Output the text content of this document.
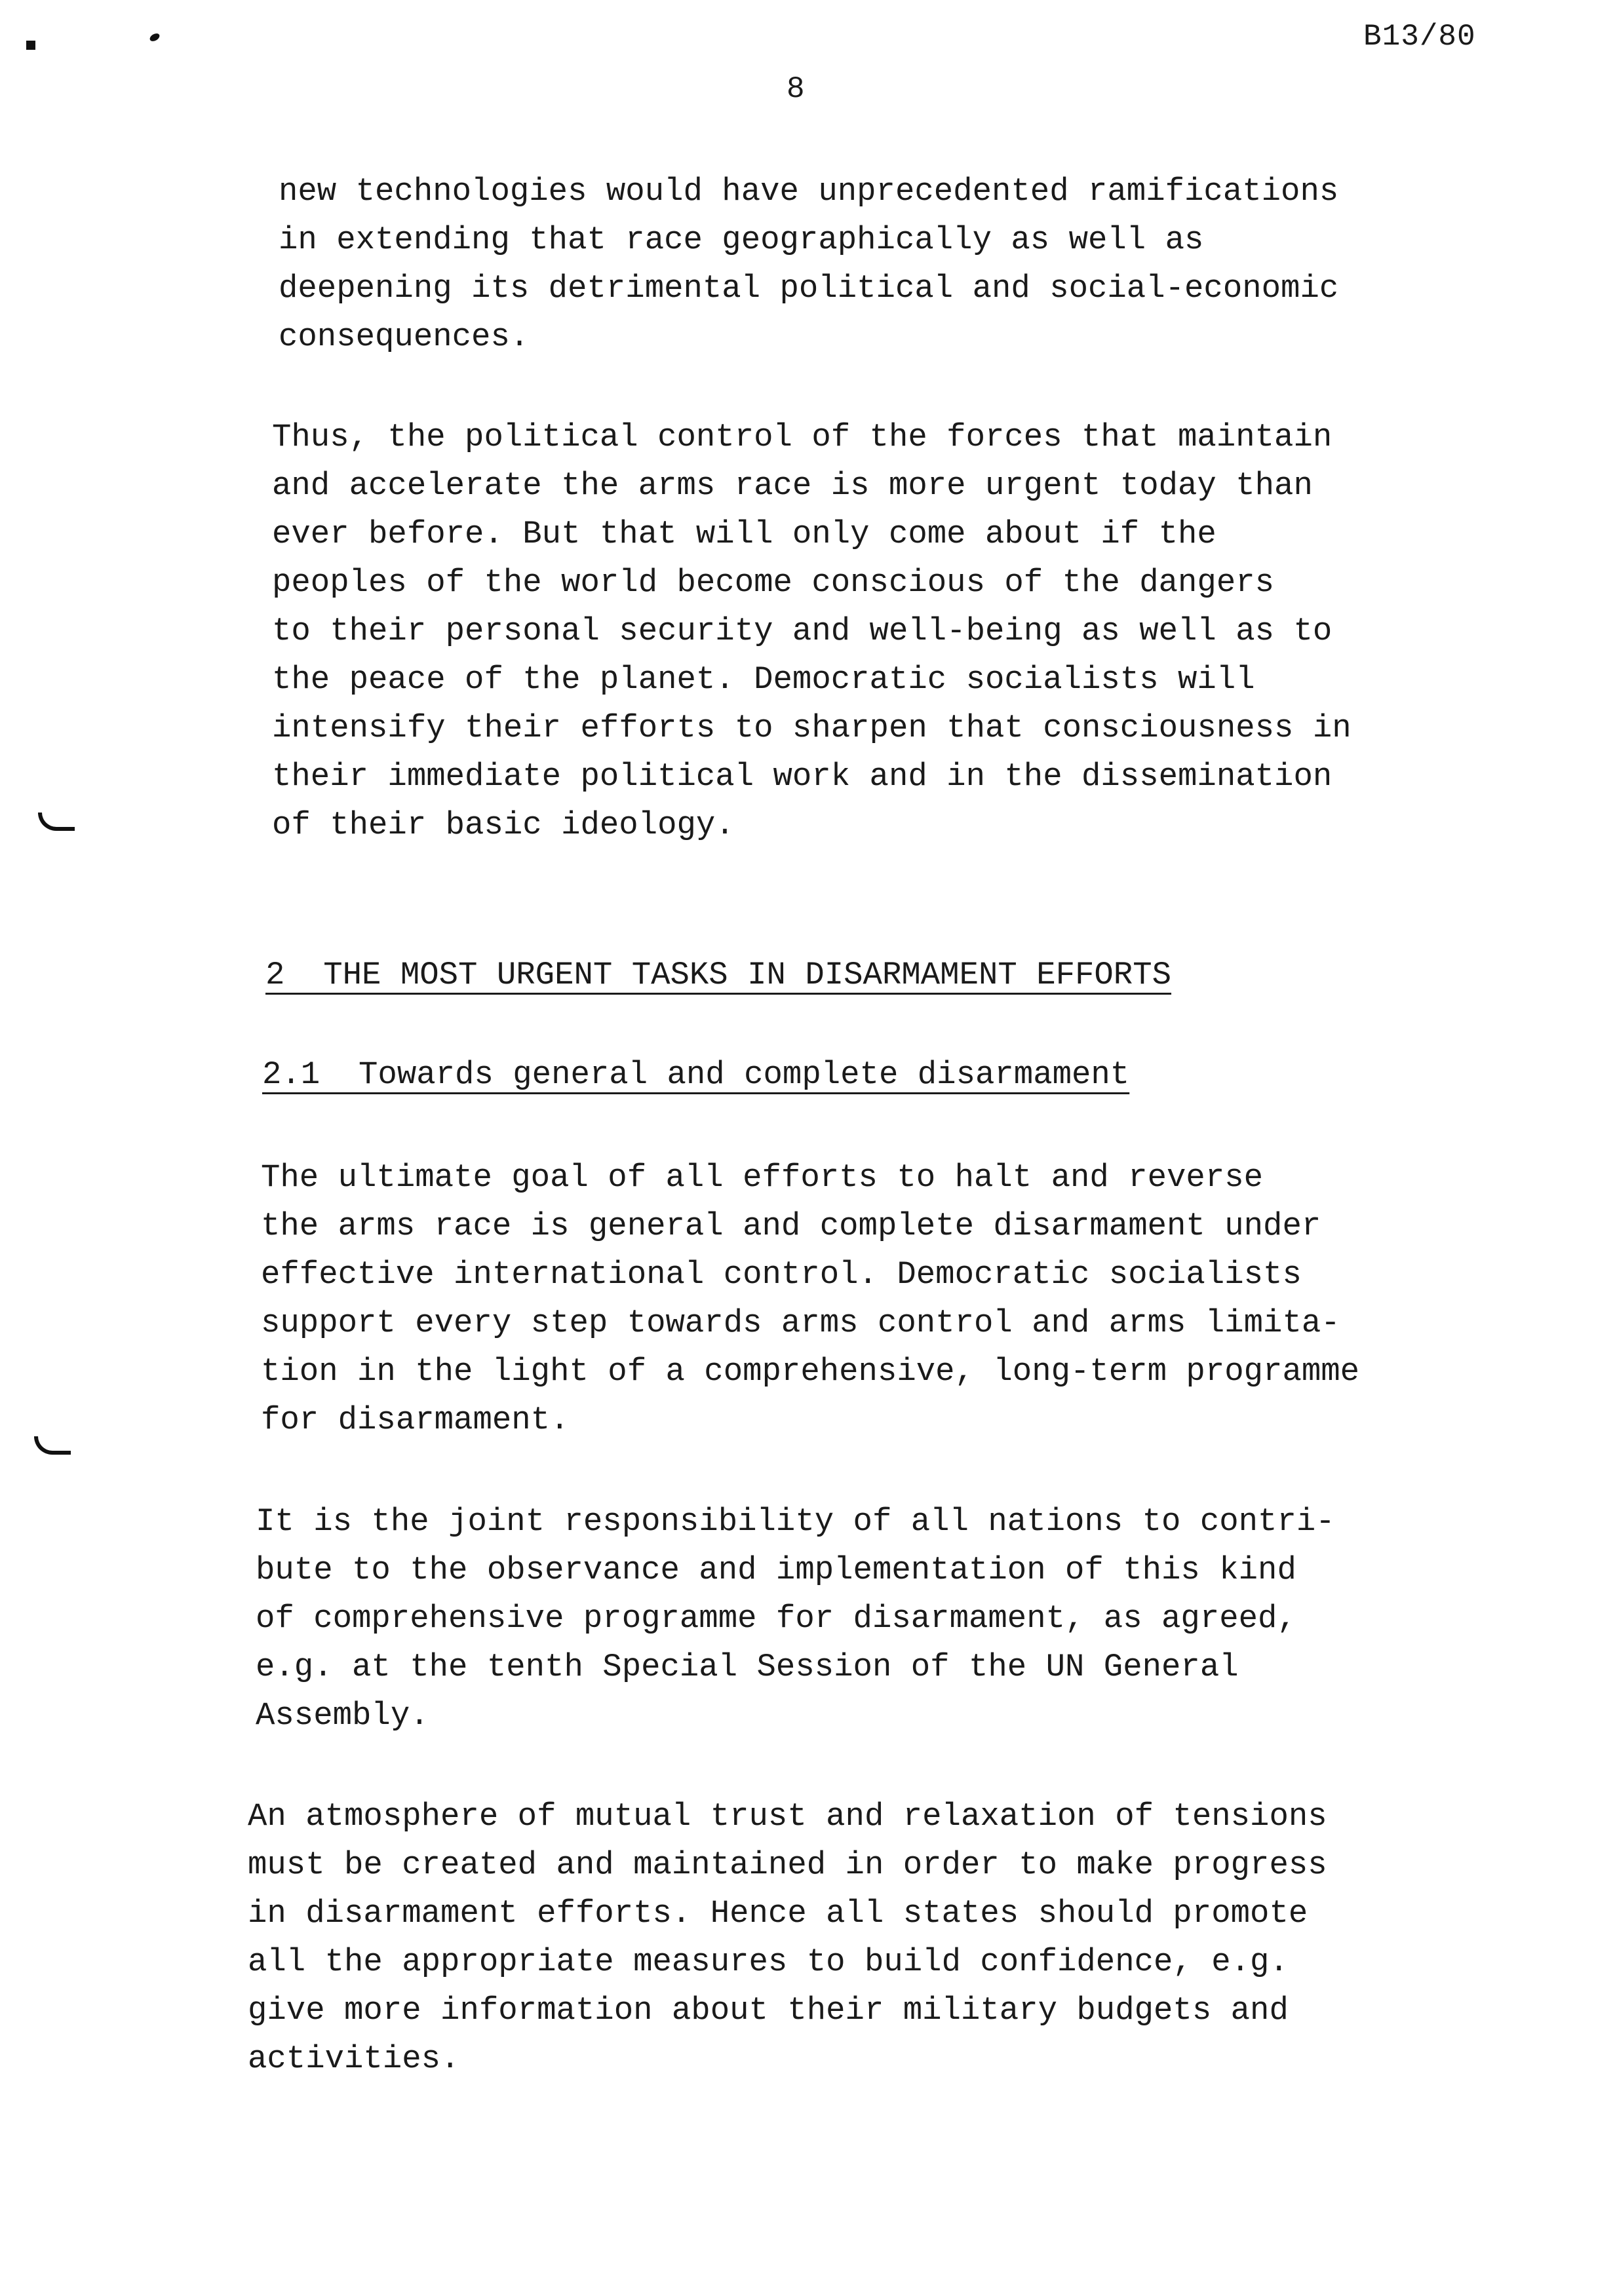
B13/80
8

new technologies would have unprecedented ramifications
in extending that race geographically as well as
deepening its detrimental political and social-economic
consequences.

Thus, the political control of the forces that maintain
and accelerate the arms race is more urgent today than
ever before. But that will only come about if the
peoples of the world become conscious of the dangers
to their personal security and well-being as well as to
the peace of the planet. Democratic socialists will
intensify their efforts to sharpen that consciousness in
their immediate political work and in the dissemination
of their basic ideology.

2  THE MOST URGENT TASKS IN DISARMAMENT EFFORTS

2.1  Towards general and complete disarmament

The ultimate goal of all efforts to halt and reverse
the arms race is general and complete disarmament under
effective international control. Democratic socialists
support every step towards arms control and arms limita-
tion in the light of a comprehensive, long-term programme
for disarmament.

It is the joint responsibility of all nations to contri-
bute to the observance and implementation of this kind
of comprehensive programme for disarmament, as agreed,
e.g. at the tenth Special Session of the UN General
Assembly.

An atmosphere of mutual trust and relaxation of tensions
must be created and maintained in order to make progress
in disarmament efforts. Hence all states should promote
all the appropriate measures to build confidence, e.g.
give more information about their military budgets and
activities.
